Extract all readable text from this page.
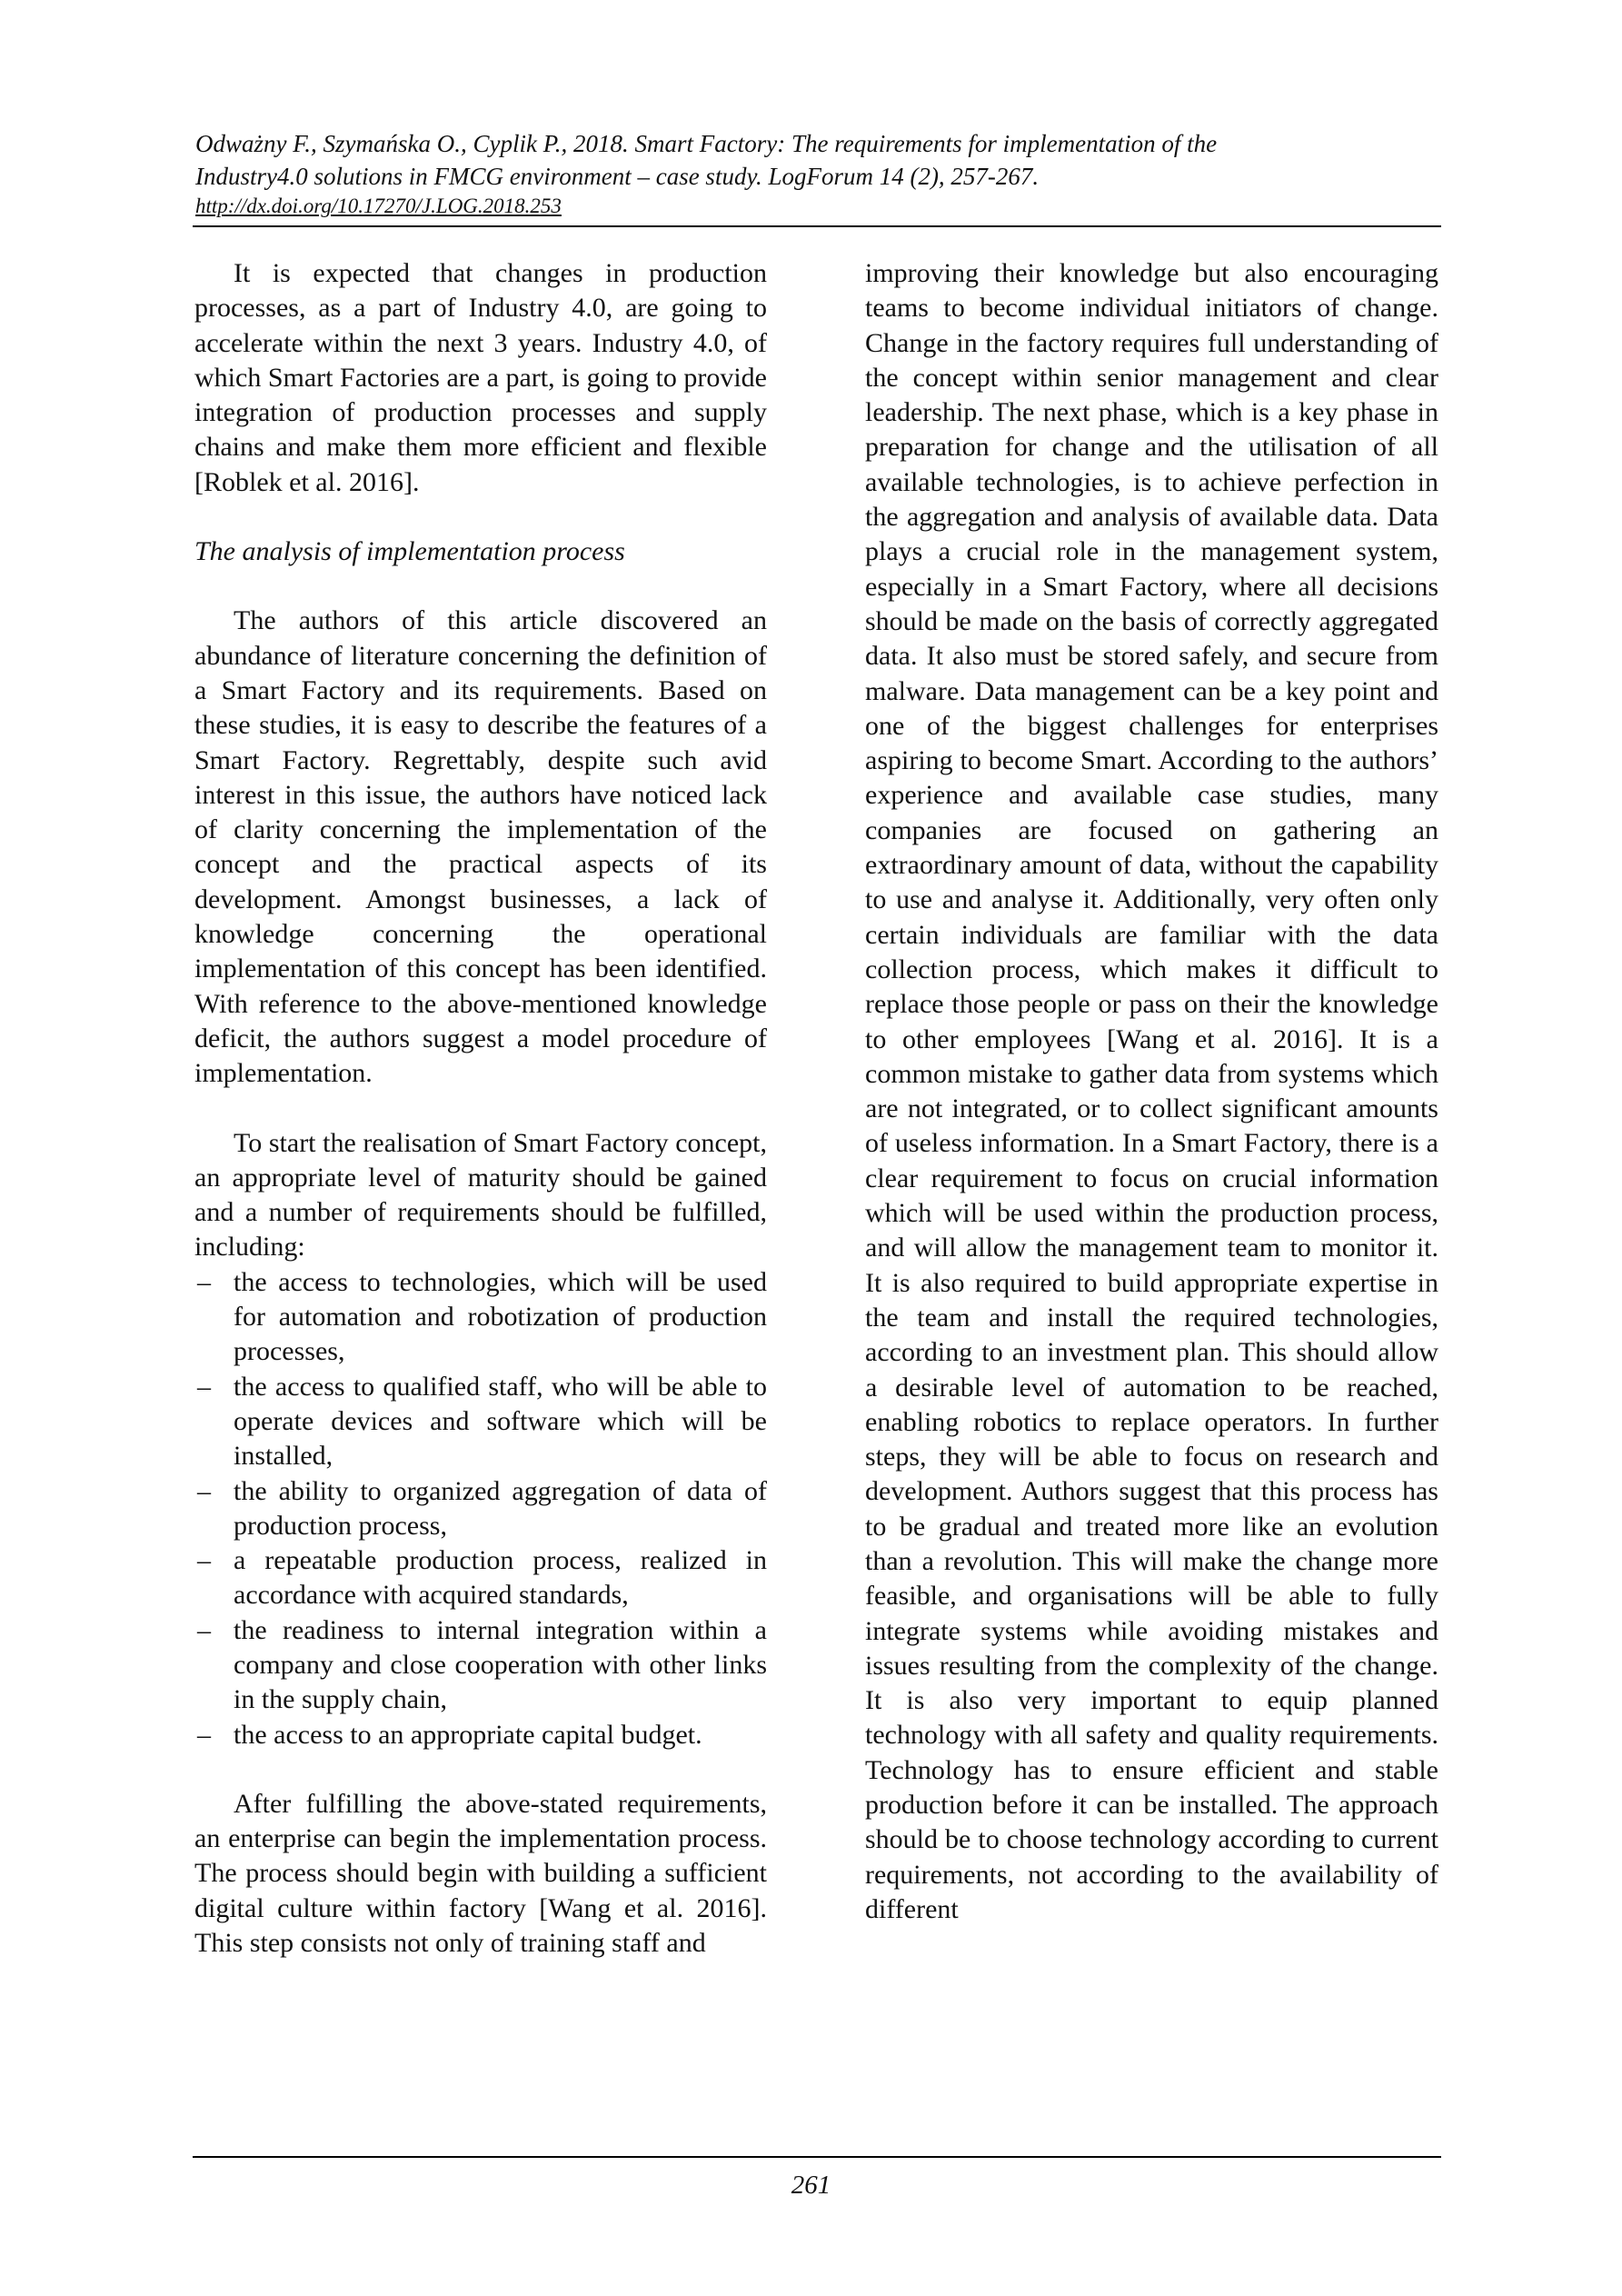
Odważny F., Szymańska O., Cyplik P., 2018. Smart Factory: The requirements for implementation of the
Industry4.0 solutions in FMCG environment – case study. LogForum 14 (2), 257-267.

http://dx.doi.org/10.17270/J.LOG.2018.253

It is expected that changes in production processes, as a part of Industry 4.0, are going to accelerate within the next 3 years. Industry 4.0, of which Smart Factories are a part, is going to provide integration of production processes and supply chains and make them more efficient and flexible [Roblek et al. 2016].

The analysis of implementation process

The authors of this article discovered an abundance of literature concerning the definition of a Smart Factory and its requirements. Based on these studies, it is easy to describe the features of a Smart Factory. Regrettably, despite such avid interest in this issue, the authors have noticed lack of clarity concerning the implementation of the concept and the practical aspects of its development. Amongst businesses, a lack of knowledge concerning the operational implementation of this concept has been identified. With reference to the above-mentioned knowledge deficit, the authors suggest a model procedure of implementation.

To start the realisation of Smart Factory concept, an appropriate level of maturity should be gained and a number of requirements should be fulfilled, including:

– the access to technologies, which will be used for automation and robotization of production processes,
– the access to qualified staff, who will be able to operate devices and software which will be installed,
– the ability to organized aggregation of data of production process,
– a repeatable production process, realized in accordance with acquired standards,
– the readiness to internal integration within a company and close cooperation with other links in the supply chain,
– the access to an appropriate capital budget.

After fulfilling the above-stated requirements, an enterprise can begin the implementation process. The process should begin with building a sufficient digital culture within factory [Wang et al. 2016]. This step consists not only of training staff and

improving their knowledge but also encouraging teams to become individual initiators of change. Change in the factory requires full understanding of the concept within senior management and clear leadership. The next phase, which is a key phase in preparation for change and the utilisation of all available technologies, is to achieve perfection in the aggregation and analysis of available data. Data plays a crucial role in the management system, especially in a Smart Factory, where all decisions should be made on the basis of correctly aggregated data. It also must be stored safely, and secure from malware. Data management can be a key point and one of the biggest challenges for enterprises aspiring to become Smart. According to the authors’ experience and available case studies, many companies are focused on gathering an extraordinary amount of data, without the capability to use and analyse it. Additionally, very often only certain individuals are familiar with the data collection process, which makes it difficult to replace those people or pass on their the knowledge to other employees [Wang et al. 2016]. It is a common mistake to gather data from systems which are not integrated, or to collect significant amounts of useless information. In a Smart Factory, there is a clear requirement to focus on crucial information which will be used within the production process, and will allow the management team to monitor it. It is also required to build appropriate expertise in the team and install the required technologies, according to an investment plan. This should allow a desirable level of automation to be reached, enabling robotics to replace operators. In further steps, they will be able to focus on research and development. Authors suggest that this process has to be gradual and treated more like an evolution than a revolution. This will make the change more feasible, and organisations will be able to fully integrate systems while avoiding mistakes and issues resulting from the complexity of the change. It is also very important to equip planned technology with all safety and quality requirements. Technology has to ensure efficient and stable production before it can be installed. The approach should be to choose technology according to current requirements, not according to the availability of different

261
